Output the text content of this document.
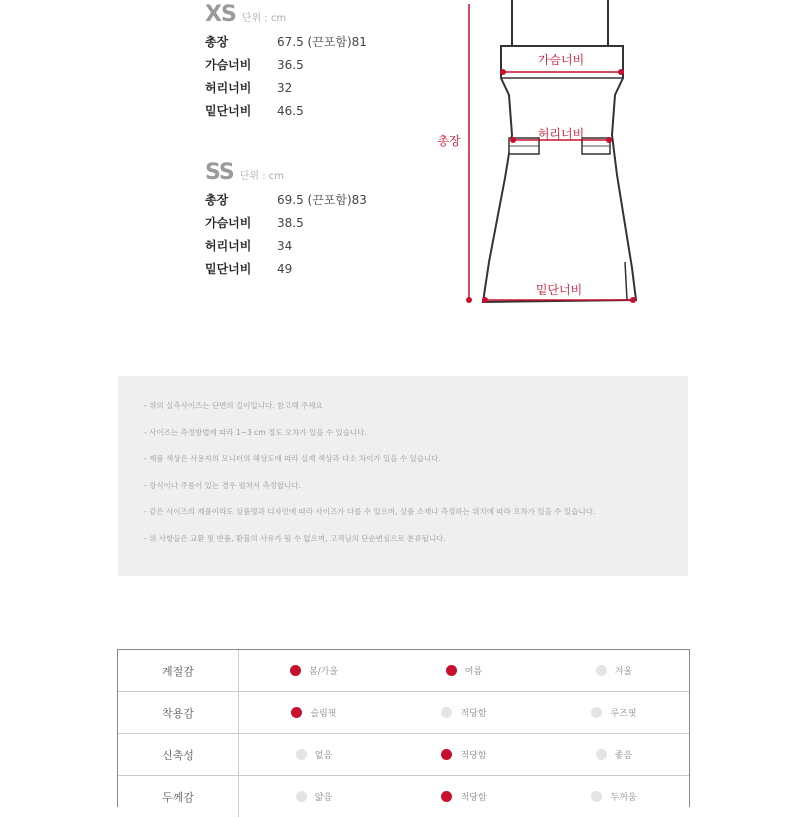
XS 단위 : cm
총장	67.5 (끈포함)81
가슴너비	36.5
허리너비	32
밑단너비	46.5
SS 단위 : cm
총장	69.5 (끈포함)83
가슴너비	38.5
허리너비	34
밑단너비	49
총장
가슴너비
허리너비
밑단너비
- 위의 실측사이즈는 단면의 길이입니다. 참고해 주세요
- 사이즈는 측정방법에 따라 1~3 cm 정도 오차가 있을 수 있습니다.
- 제품 색상은 사용자의 모니터의 해상도에 따라 실제 색상과 다소 차이가 있을 수 있습니다.
- 장식이나 주름이 있는 경우 펼쳐서 측정합니다.
- 같은 사이즈의 제품이라도 상품명과 디자인에 따라 사이즈가 다를 수 있으며, 상품 소재나 측정하는 위치에 따라 오차가 있을 수 있습니다.
- 위 사항들은 교환 및 반품, 환불의 사유가 될 수 없으며, 고객님의 단순변심으로 분류됩니다.
계절감	봄/가을	여름	겨울
착용감	슬림핏	적당함	루즈핏
신축성	없음	적당함	좋음
두께감	얇음	적당함	두꺼움
